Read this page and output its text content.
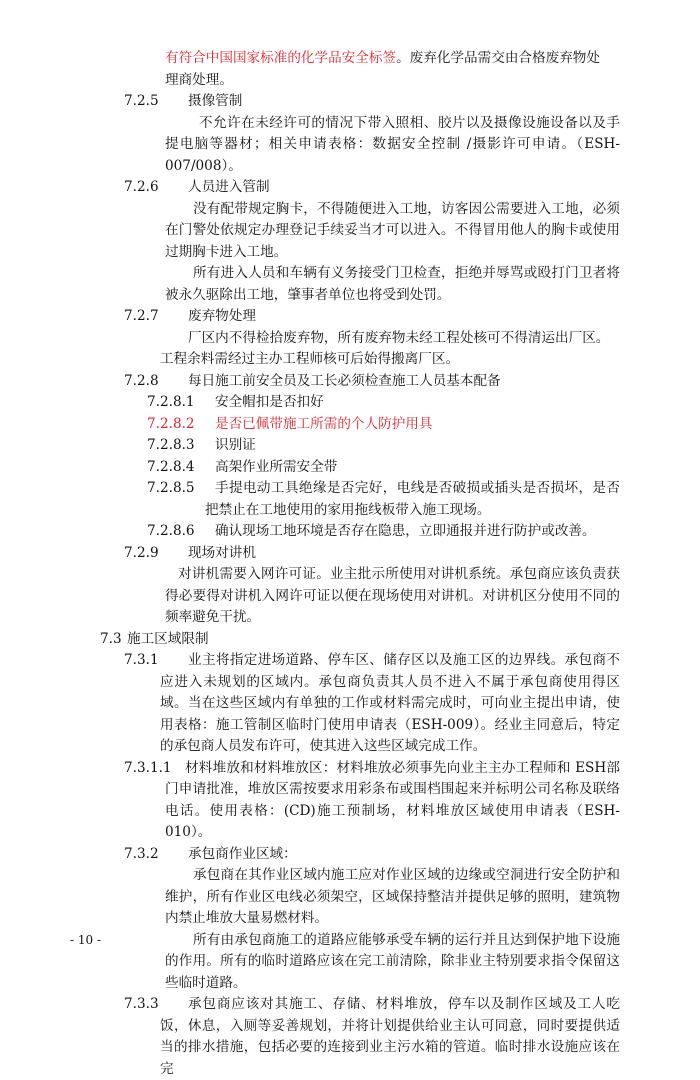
有符合中国国家标准的化学品安全标签。废弃化学品需交由合格废弃物处
理商处理。
7.2.5 摄像管制
不允许在未经许可的情况下带入照相、胶片以及摄像设施设备以及手提电脑等器材；相关申请表格：数据安全控制 /摄影许可申请。（ESH-007/008）。
7.2.6 人员进入管制
没有配带规定胸卡，不得随便进入工地，访客因公需要进入工地，必须在门警处依规定办理登记手续妥当才可以进入。不得冒用他人的胸卡或使用过期胸卡进入工地。
所有进入人员和车辆有义务接受门卫检查，拒绝并辱骂或殴打门卫者将被永久驱除出工地，肇事者单位也将受到处罚。
7.2.7 废弃物处理
厂区内不得检拾废弃物，所有废弃物未经工程处核可不得清运出厂区。
工程余料需经过主办工程师核可后始得搬离厂区。
7.2.8 每日施工前安全员及工长必须检查施工人员基本配备
7.2.8.1 安全帽扣是否扣好
7.2.8.2 是否已佩带施工所需的个人防护用具
7.2.8.3 识别证
7.2.8.4 高架作业所需安全带
7.2.8.5	手提电动工具绝缘是否完好，电线是否破损或插头是否损坏，是否把禁止在工地使用的家用拖线板带入施工现场。
7.2.8.6 确认现场工地环境是否存在隐患，立即通报并进行防护或改善。
7.2.9 现场对讲机
对讲机需要入网许可证。业主批示所使用对讲机系统。承包商应该负责获得必要得对讲机入网许可证以便在现场使用对讲机。对讲机区分使用不同的频率避免干扰。
7.3 施工区域限制
7.3.1	业主将指定进场道路、停车区、储存区以及施工区的边界线。承包商不应进入未规划的区域内。承包商负责其人员不进入不属于承包商使用得区域。当在这些区域内有单独的工作或材料需完成时，可向业主提出申请，使用表格：施工管制区临时门使用申请表（ESH-009）。经业主同意后，特定的承包商人员发布许可，使其进入这些区域完成工作。
7.3.1.1 材料堆放和材料堆放区：材料堆放必须事先向业主主办工程师和 ESH部门申请批准，堆放区需按要求用彩条布或围档围起来并标明公司名称及联络电话。使用表格：(CD)施工预制场，材料堆放区域使用申请表（ESH-010）。
7.3.2 承包商作业区域：
承包商在其作业区域内施工应对作业区域的边缘或空洞进行安全防护和维护，所有作业区电线必须架空，区域保持整洁并提供足够的照明，建筑物内禁止堆放大量易燃材料。
所有由承包商施工的道路应能够承受车辆的运行并且达到保护地下设施的作用。所有的临时道路应该在完工前清除，除非业主特别要求指令保留这些临时道路。
7.3.3	承包商应该对其施工、存储、材料堆放，停车以及制作区域及工人吃饭，休息，入厕等妥善规划，并将计划提供给业主认可同意，同时要提供适当的排水措施，包括必要的连接到业主污水箱的管道。临时排水设施应该在完
- 10 -
